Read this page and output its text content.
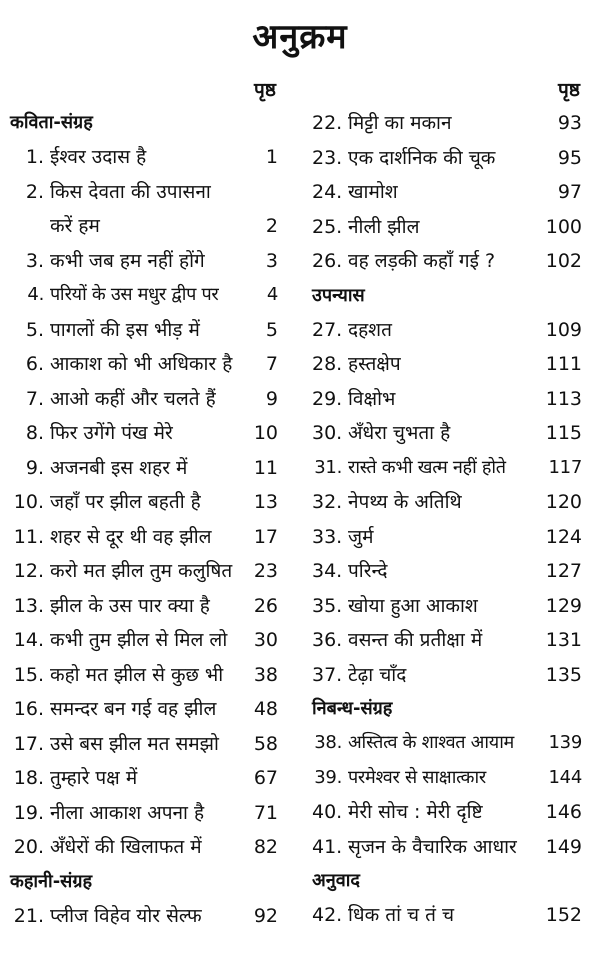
अनुक्रम
पृष्ठ
कविता-संग्रह
1. ईश्वर उदास है	1
2. किस देवता की उपासना
करें हम	2
3. कभी जब हम नहीं होंगे	3
4. परियों के उस मधुर द्वीप पर	4
5. पागलों की इस भीड़ में	5
6. आकाश को भी अधिकार है	7
7. आओ कहीं और चलते हैं	9
8. फिर उगेंगे पंख मेरे	10
9. अजनबी इस शहर में	11
10. जहाँ पर झील बहती है	13
11. शहर से दूर थी वह झील	17
12. करो मत झील तुम कलुषित	23
13. झील के उस पार क्या है	26
14. कभी तुम झील से मिल लो	30
15. कहो मत झील से कुछ भी	38
16. समन्दर बन गई वह झील	48
17. उसे बस झील मत समझो	58
18. तुम्हारे पक्ष में	67
19. नीला आकाश अपना है	71
20. अँधेरों की खिलाफत में	82
कहानी-संग्रह
21. प्लीज विहेव योर सेल्फ	92
पृष्ठ
22. मिट्टी का मकान	93
23. एक दार्शनिक की चूक	95
24. खामोश	97
25. नीली झील	100
26. वह लड़की कहाँ गई ?	102
उपन्यास
27. दहशत	109
28. हस्तक्षेप	111
29. विक्षोभ	113
30. अँधेरा चुभता है	115
31. रास्ते कभी खत्म नहीं होते	117
32. नेपथ्य के अतिथि	120
33. जुर्म	124
34. परिन्दे	127
35. खोया हुआ आकाश	129
36. वसन्त की प्रतीक्षा में	131
37. टेढ़ा चाँद	135
निबन्ध-संग्रह
38. अस्तित्व के शाश्वत आयाम	139
39. परमेश्वर से साक्षात्कार	144
40. मेरी सोच : मेरी दृष्टि	146
41. सृजन के वैचारिक आधार	149
अनुवाद
42. धिक तां च तं च	152
